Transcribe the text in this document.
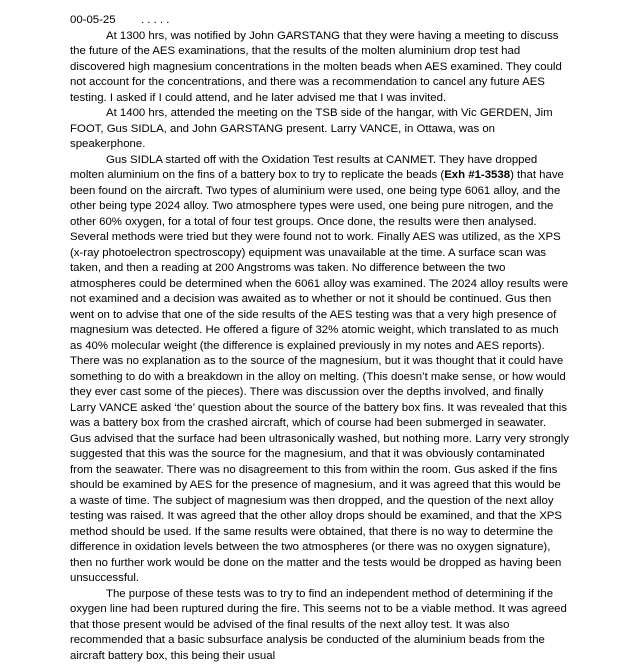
00-05-25 . . . . .

At 1300 hrs, was notified by John GARSTANG that they were having a meeting to discuss the future of the AES examinations, that the results of the molten aluminium drop test had discovered high magnesium concentrations in the molten beads when AES examined. They could not account for the concentrations, and there was a recommendation to cancel any future AES testing. I asked if I could attend, and he later advised me that I was invited.

At 1400 hrs, attended the meeting on the TSB side of the hangar, with Vic GERDEN, Jim FOOT, Gus SIDLA, and John GARSTANG present. Larry VANCE, in Ottawa, was on speakerphone.

Gus SIDLA started off with the Oxidation Test results at CANMET. They have dropped molten aluminium on the fins of a battery box to try to replicate the beads (Exh #1-3538) that have been found on the aircraft. Two types of aluminium were used, one being type 6061 alloy, and the other being type 2024 alloy. Two atmosphere types were used, one being pure nitrogen, and the other 60% oxygen, for a total of four test groups. Once done, the results were then analysed. Several methods were tried but they were found not to work. Finally AES was utilized, as the XPS (x-ray photoelectron spectroscopy) equipment was unavailable at the time. A surface scan was taken, and then a reading at 200 Angstroms was taken. No difference between the two atmospheres could be determined when the 6061 alloy was examined. The 2024 alloy results were not examined and a decision was awaited as to whether or not it should be continued. Gus then went on to advise that one of the side results of the AES testing was that a very high presence of magnesium was detected. He offered a figure of 32% atomic weight, which translated to as much as 40% molecular weight (the difference is explained previously in my notes and AES reports). There was no explanation as to the source of the magnesium, but it was thought that it could have something to do with a breakdown in the alloy on melting. (This doesn’t make sense, or how would they ever cast some of the pieces). There was discussion over the depths involved, and finally Larry VANCE asked ‘the’ question about the source of the battery box fins. It was revealed that this was a battery box from the crashed aircraft, which of course had been submerged in seawater. Gus advised that the surface had been ultrasonically washed, but nothing more. Larry very strongly suggested that this was the source for the magnesium, and that it was obviously contaminated from the seawater. There was no disagreement to this from within the room. Gus asked if the fins should be examined by AES for the presence of magnesium, and it was agreed that this would be a waste of time. The subject of magnesium was then dropped, and the question of the next alloy testing was raised. It was agreed that the other alloy drops should be examined, and that the XPS method should be used. If the same results were obtained, that there is no way to determine the difference in oxidation levels between the two atmospheres (or there was no oxygen signature), then no further work would be done on the matter and the tests would be dropped as having been unsuccessful.

The purpose of these tests was to try to find an independent method of determining if the oxygen line had been ruptured during the fire. This seems not to be a viable method. It was agreed that those present would be advised of the final results of the next alloy test. It was also recommended that a basic subsurface analysis be conducted of the aluminium beads from the aircraft battery box, this being their usual
